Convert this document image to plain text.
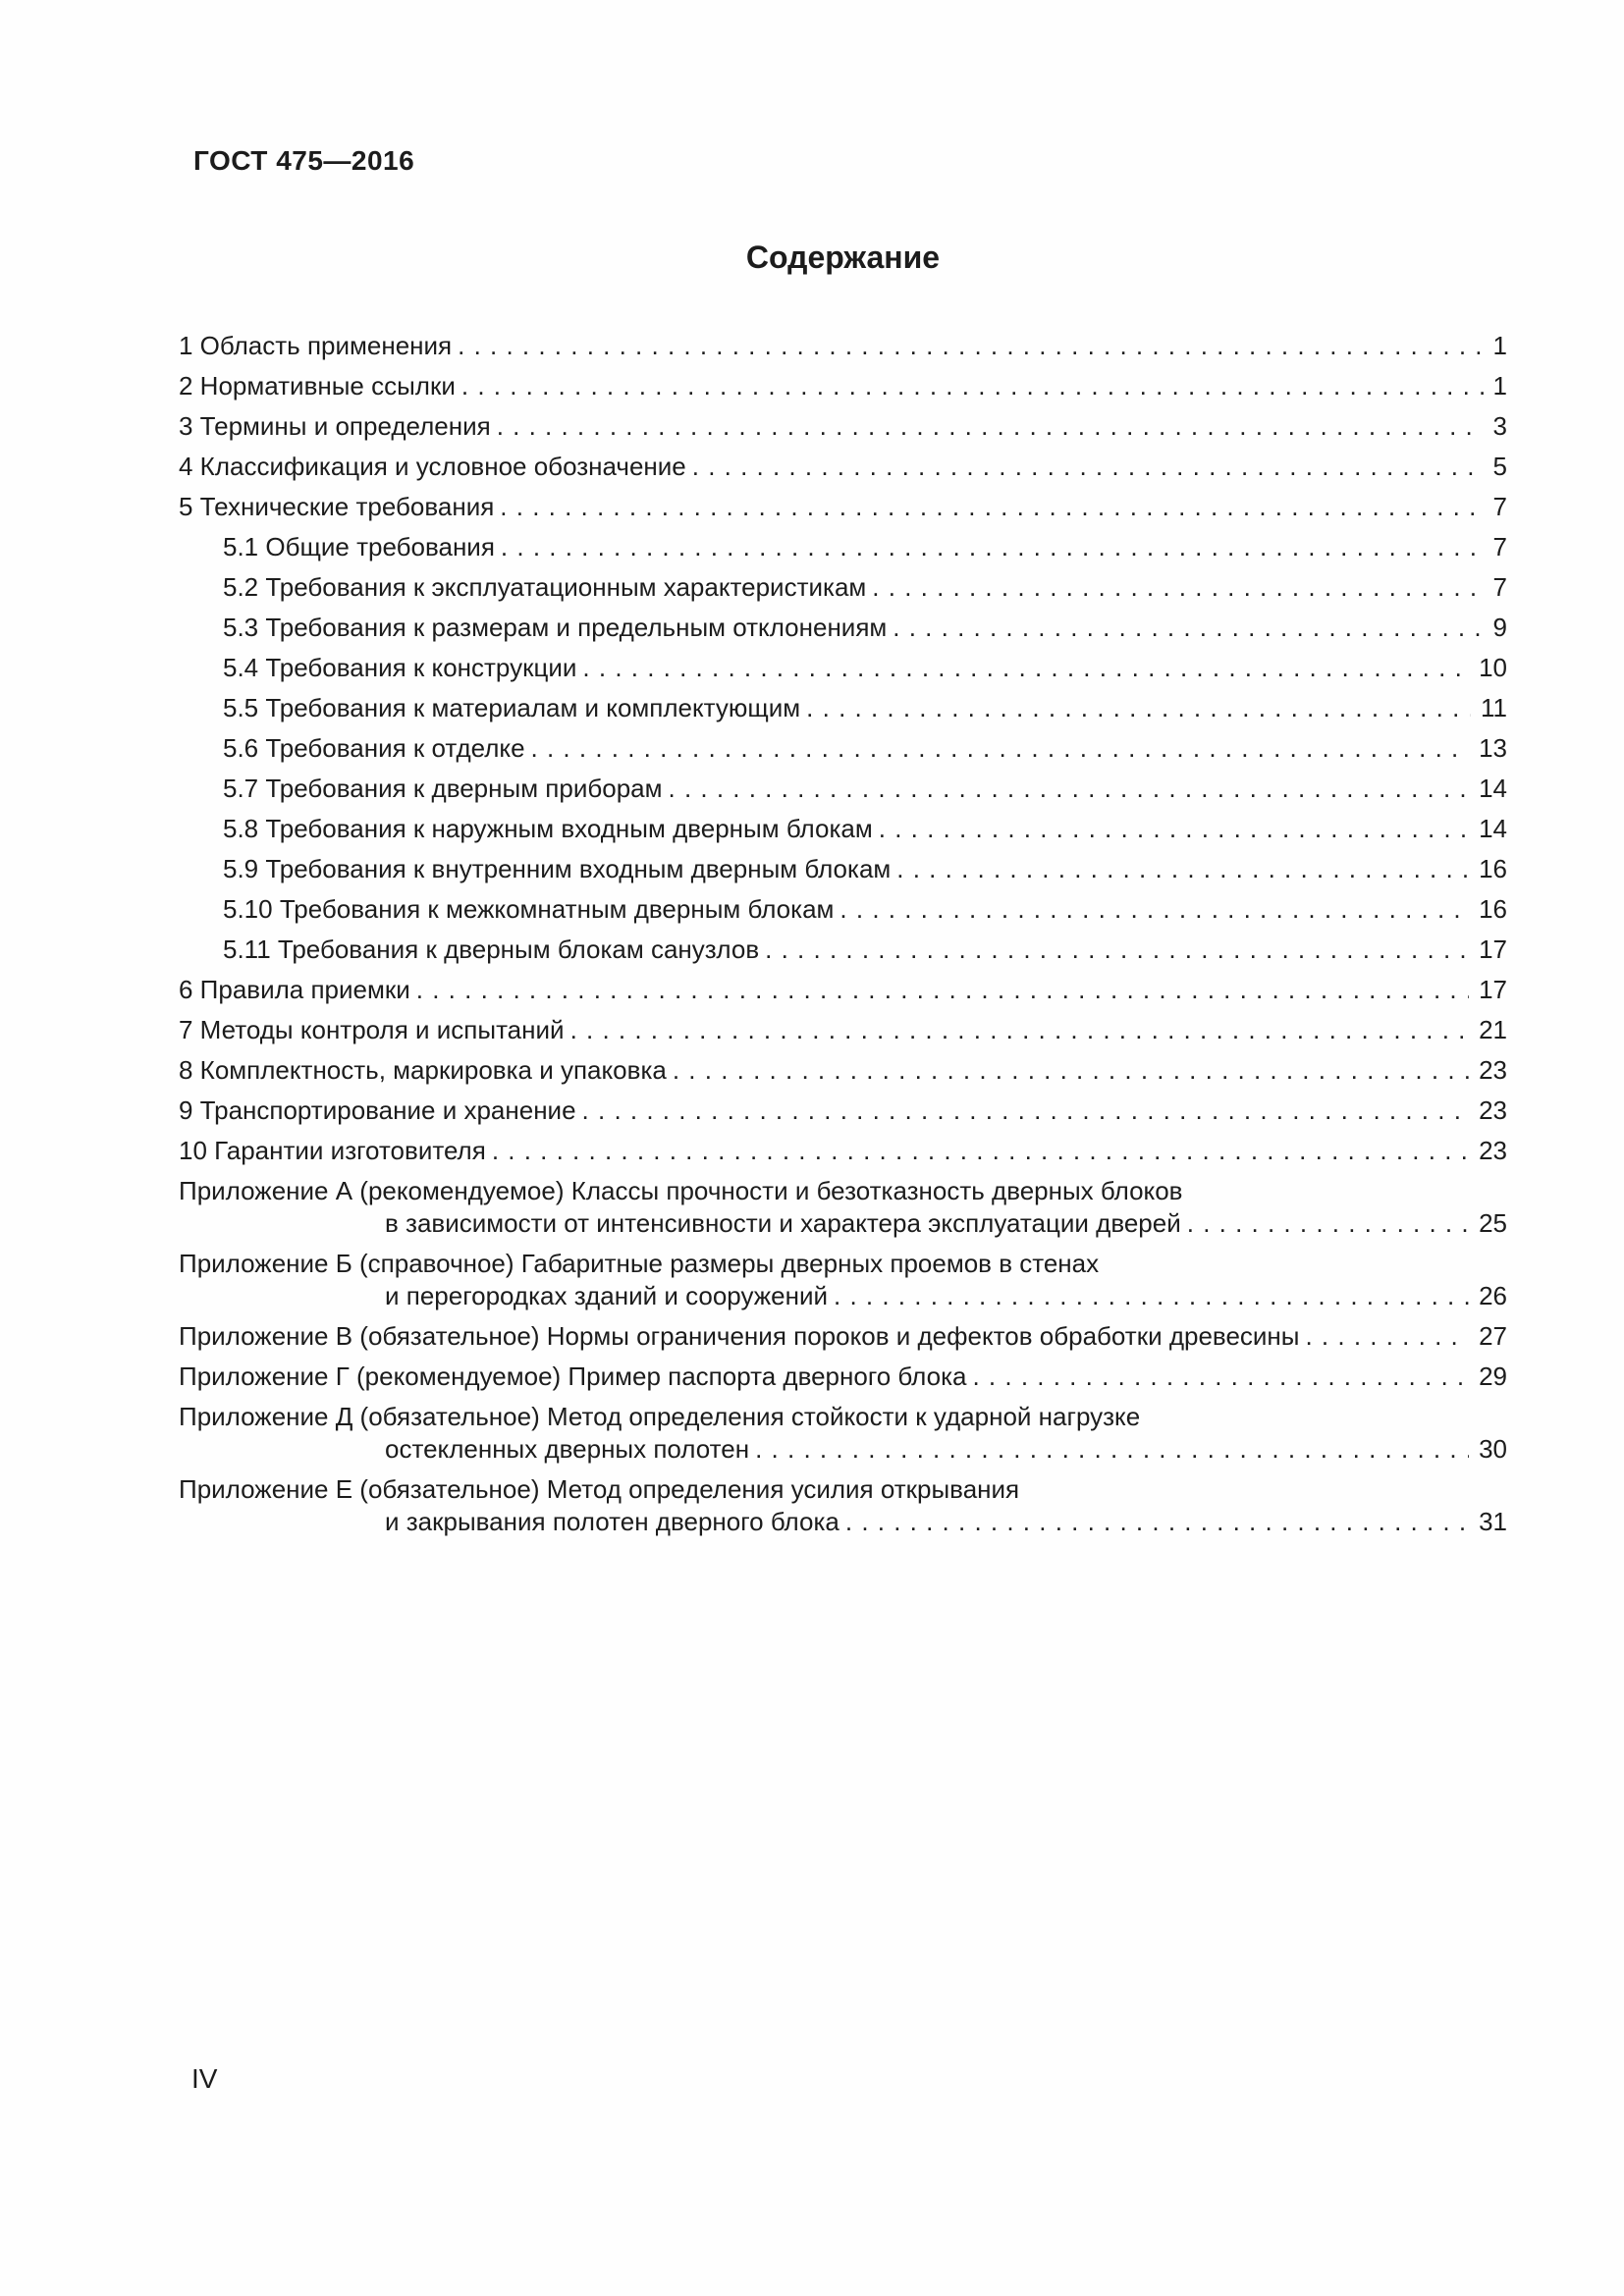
ГОСТ 475—2016
Содержание
1 Область применения . . .	1
2 Нормативные ссылки . . .	1
3 Термины и определения . . .	3
4 Классификация и условное обозначение . . .	5
5 Технические требования . . .	7
5.1 Общие требования . . .	7
5.2 Требования к эксплуатационным характеристикам . . .	7
5.3 Требования к размерам и предельным отклонениям . . .	9
5.4 Требования к конструкции . . .	10
5.5 Требования к материалам и комплектующим . . .	11
5.6 Требования к отделке . . .	13
5.7 Требования к дверным приборам . . .	14
5.8 Требования к наружным входным дверным блокам . . .	14
5.9 Требования к внутренним входным дверным блокам . . .	16
5.10 Требования к межкомнатным дверным блокам . . .	16
5.11 Требования к дверным блокам санузлов . . .	17
6 Правила приемки . . .	17
7 Методы контроля и испытаний . . .	21
8 Комплектность, маркировка и упаковка . . .	23
9 Транспортирование и хранение . . .	23
10 Гарантии изготовителя . . .	23
Приложение А (рекомендуемое) Классы прочности и безотказность дверных блоков
в зависимости от интенсивности и характера эксплуатации дверей . . .	25
Приложение Б (справочное) Габаритные размеры дверных проемов в стенах
и перегородках зданий и сооружений . . .	26
Приложение В (обязательное) Нормы ограничения пороков и дефектов обработки древесины . . .	27
Приложение Г (рекомендуемое) Пример паспорта дверного блока . . .	29
Приложение Д (обязательное) Метод определения стойкости к ударной нагрузке
остекленных дверных полотен . . .	30
Приложение Е (обязательное) Метод определения усилия открывания
и закрывания полотен дверного блока . . .	31
IV
